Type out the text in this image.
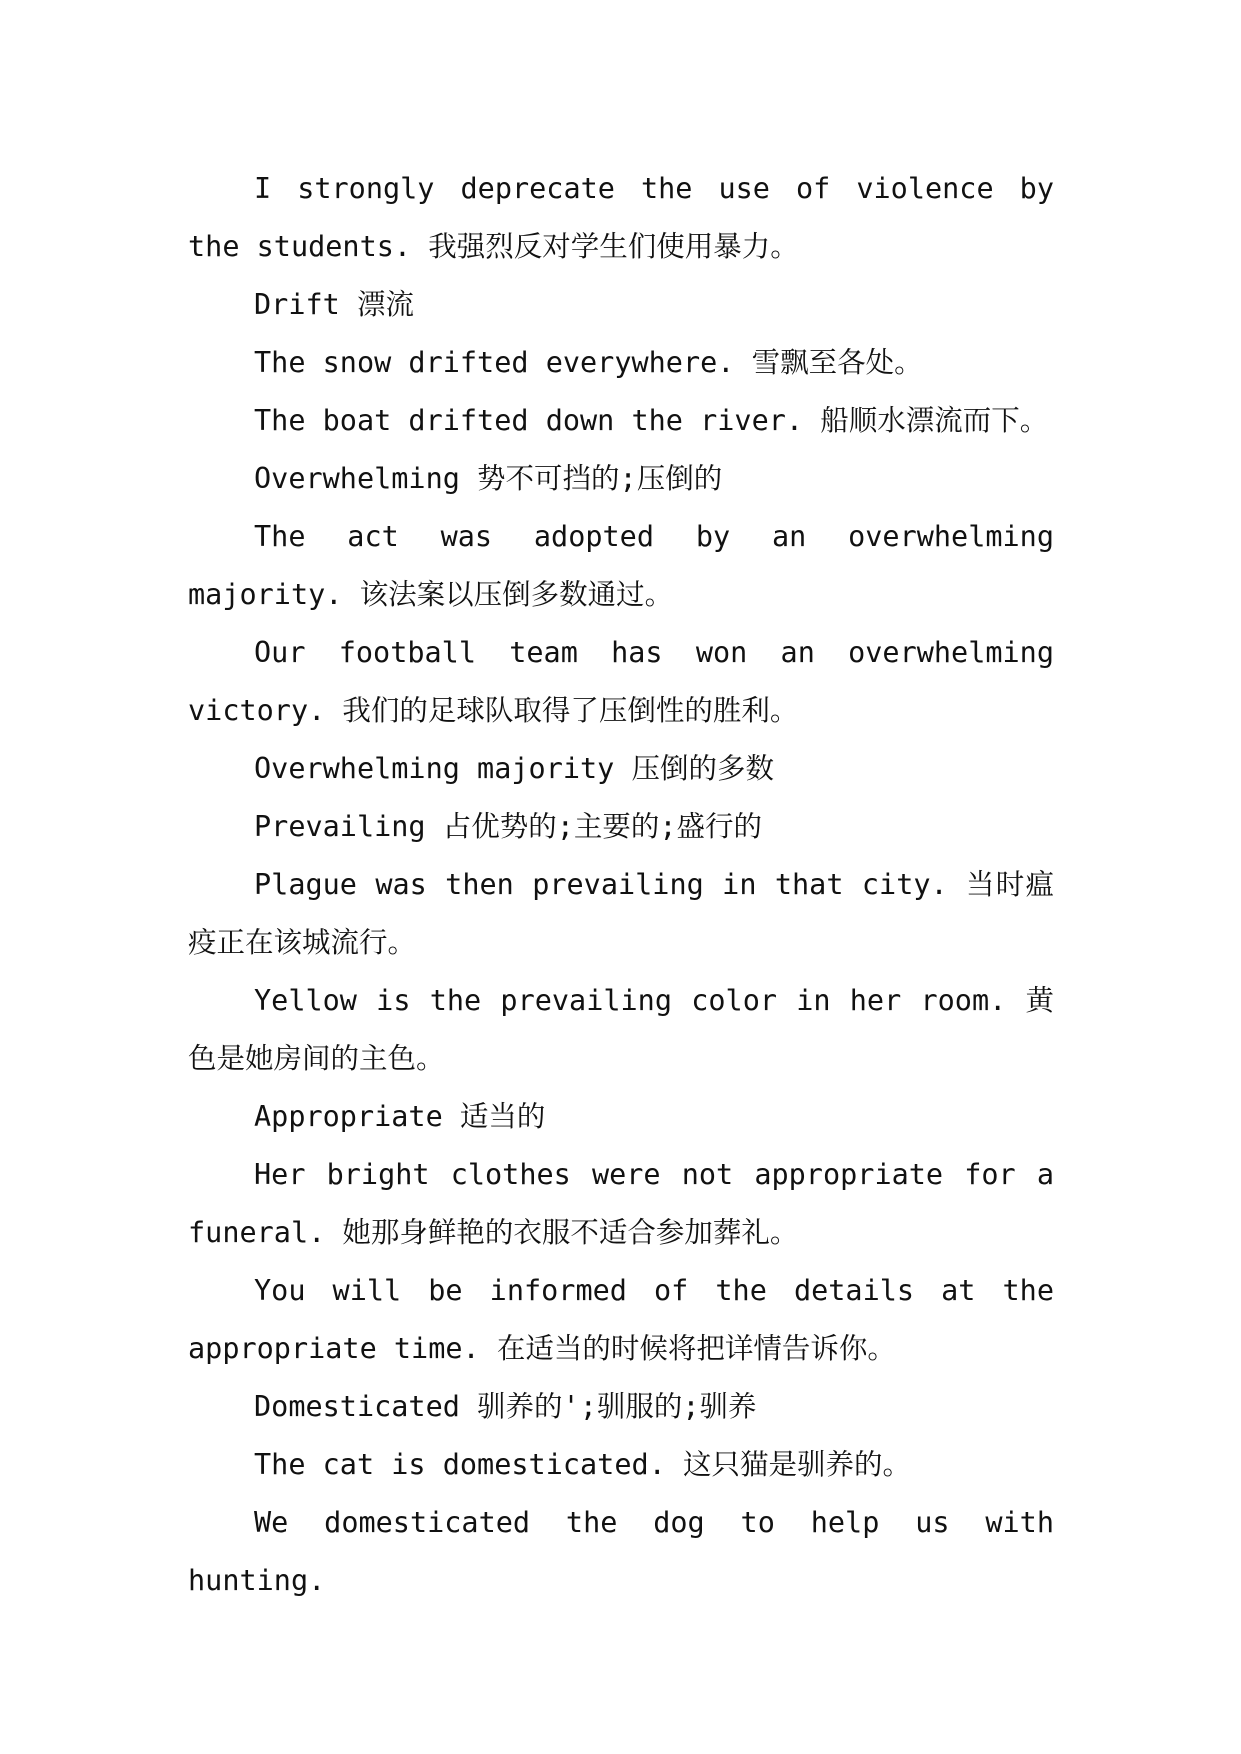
I strongly deprecate the use of violence by the students. 我强烈反对学生们使用暴力。

Drift 漂流

The snow drifted everywhere. 雪飘至各处。

The boat drifted down the river. 船顺水漂流而下。

Overwhelming 势不可挡的;压倒的

The act was adopted by an overwhelming majority. 该法案以压倒多数通过。

Our football team has won an overwhelming victory. 我们的足球队取得了压倒性的胜利。

Overwhelming majority 压倒的多数

Prevailing 占优势的;主要的;盛行的

Plague was then prevailing in that city. 当时瘟疫正在该城流行。

Yellow is the prevailing color in her room. 黄色是她房间的主色。

Appropriate 适当的

Her bright clothes were not appropriate for a funeral. 她那身鲜艳的衣服不适合参加葬礼。

You will be informed of the details at the appropriate time. 在适当的时候将把详情告诉你。

Domesticated 驯养的';驯服的;驯养

The cat is domesticated. 这只猫是驯养的。

We domesticated the dog to help us with hunting.
